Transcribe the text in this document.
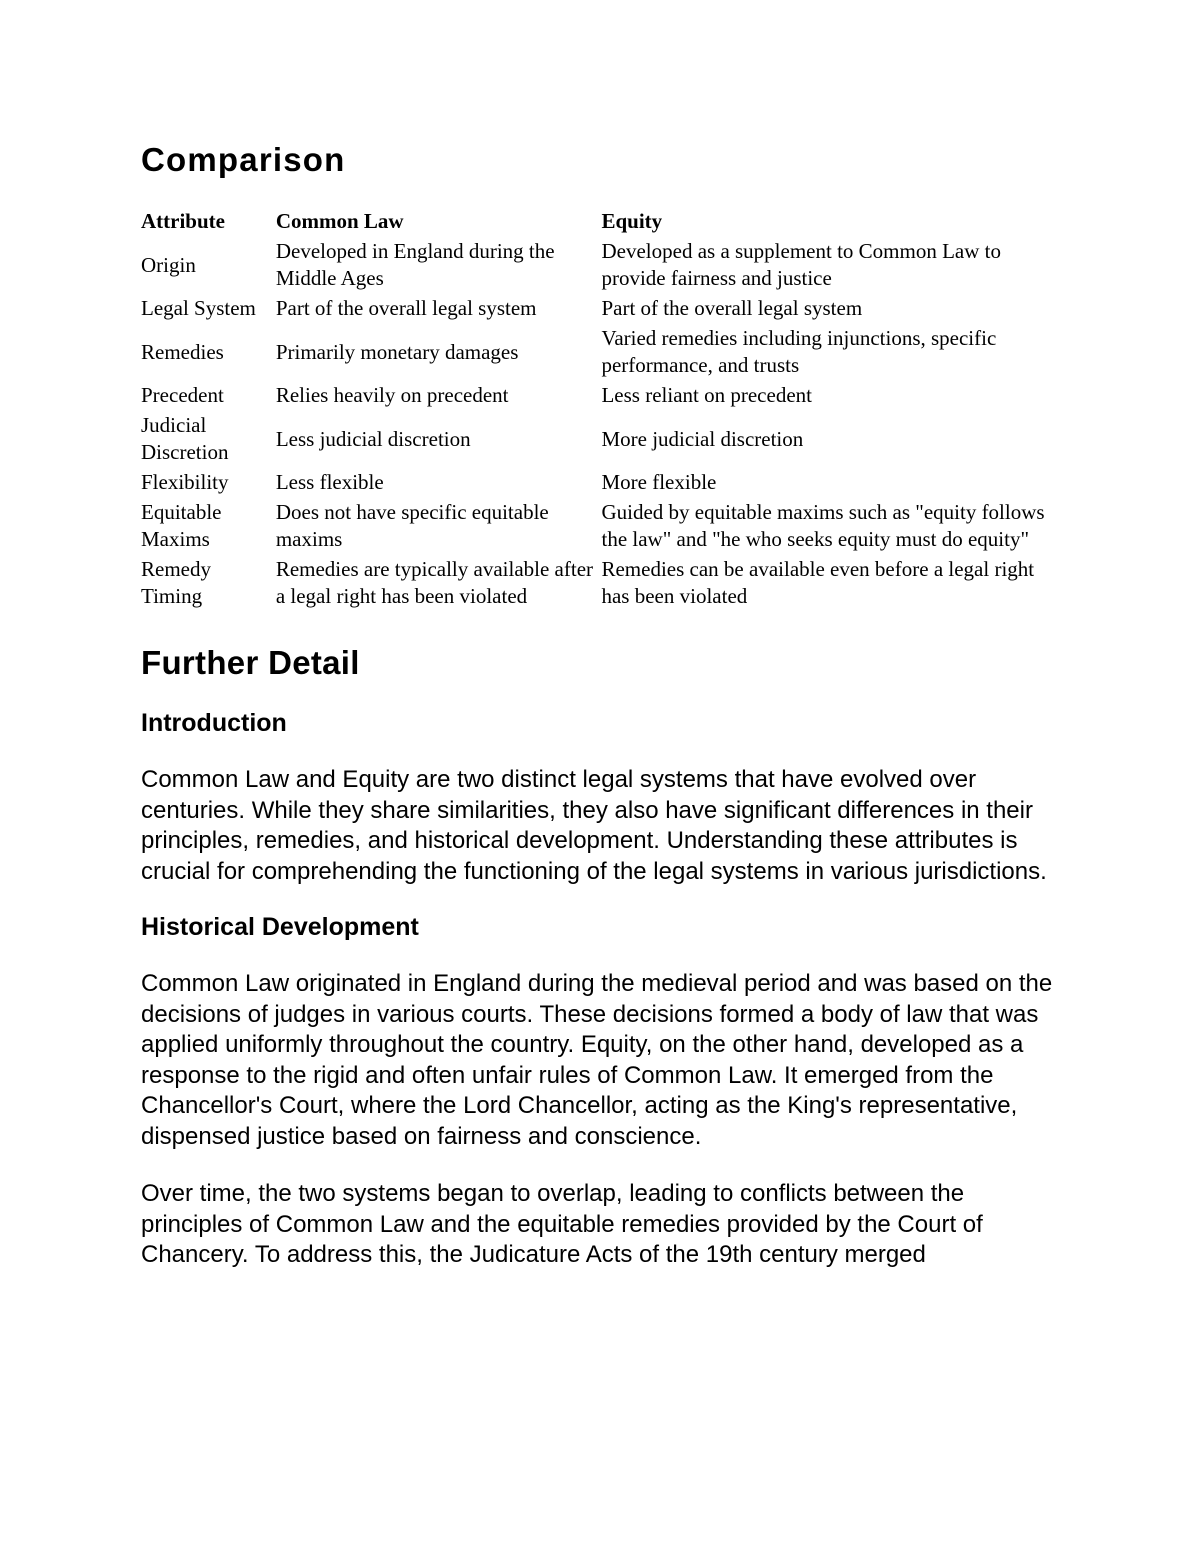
Comparison
Attribute	Common Law	Equity
Origin	Developed in England during the Middle Ages	Developed as a supplement to Common Law to provide fairness and justice
Legal System	Part of the overall legal system	Part of the overall legal system
Remedies	Primarily monetary damages	Varied remedies including injunctions, specific performance, and trusts
Precedent	Relies heavily on precedent	Less reliant on precedent
Judicial Discretion	Less judicial discretion	More judicial discretion
Flexibility	Less flexible	More flexible
Equitable Maxims	Does not have specific equitable maxims	Guided by equitable maxims such as "equity follows the law" and "he who seeks equity must do equity"
Remedy Timing	Remedies are typically available after a legal right has been violated	Remedies can be available even before a legal right has been violated
Further Detail
Introduction

Common Law and Equity are two distinct legal systems that have evolved over centuries. While they share similarities, they also have significant differences in their principles, remedies, and historical development. Understanding these attributes is crucial for comprehending the functioning of the legal systems in various jurisdictions.

Historical Development

Common Law originated in England during the medieval period and was based on the decisions of judges in various courts. These decisions formed a body of law that was applied uniformly throughout the country. Equity, on the other hand, developed as a response to the rigid and often unfair rules of Common Law. It emerged from the Chancellor's Court, where the Lord Chancellor, acting as the King's representative, dispensed justice based on fairness and conscience.

Over time, the two systems began to overlap, leading to conflicts between the principles of Common Law and the equitable remedies provided by the Court of Chancery. To address this, the Judicature Acts of the 19th century merged
